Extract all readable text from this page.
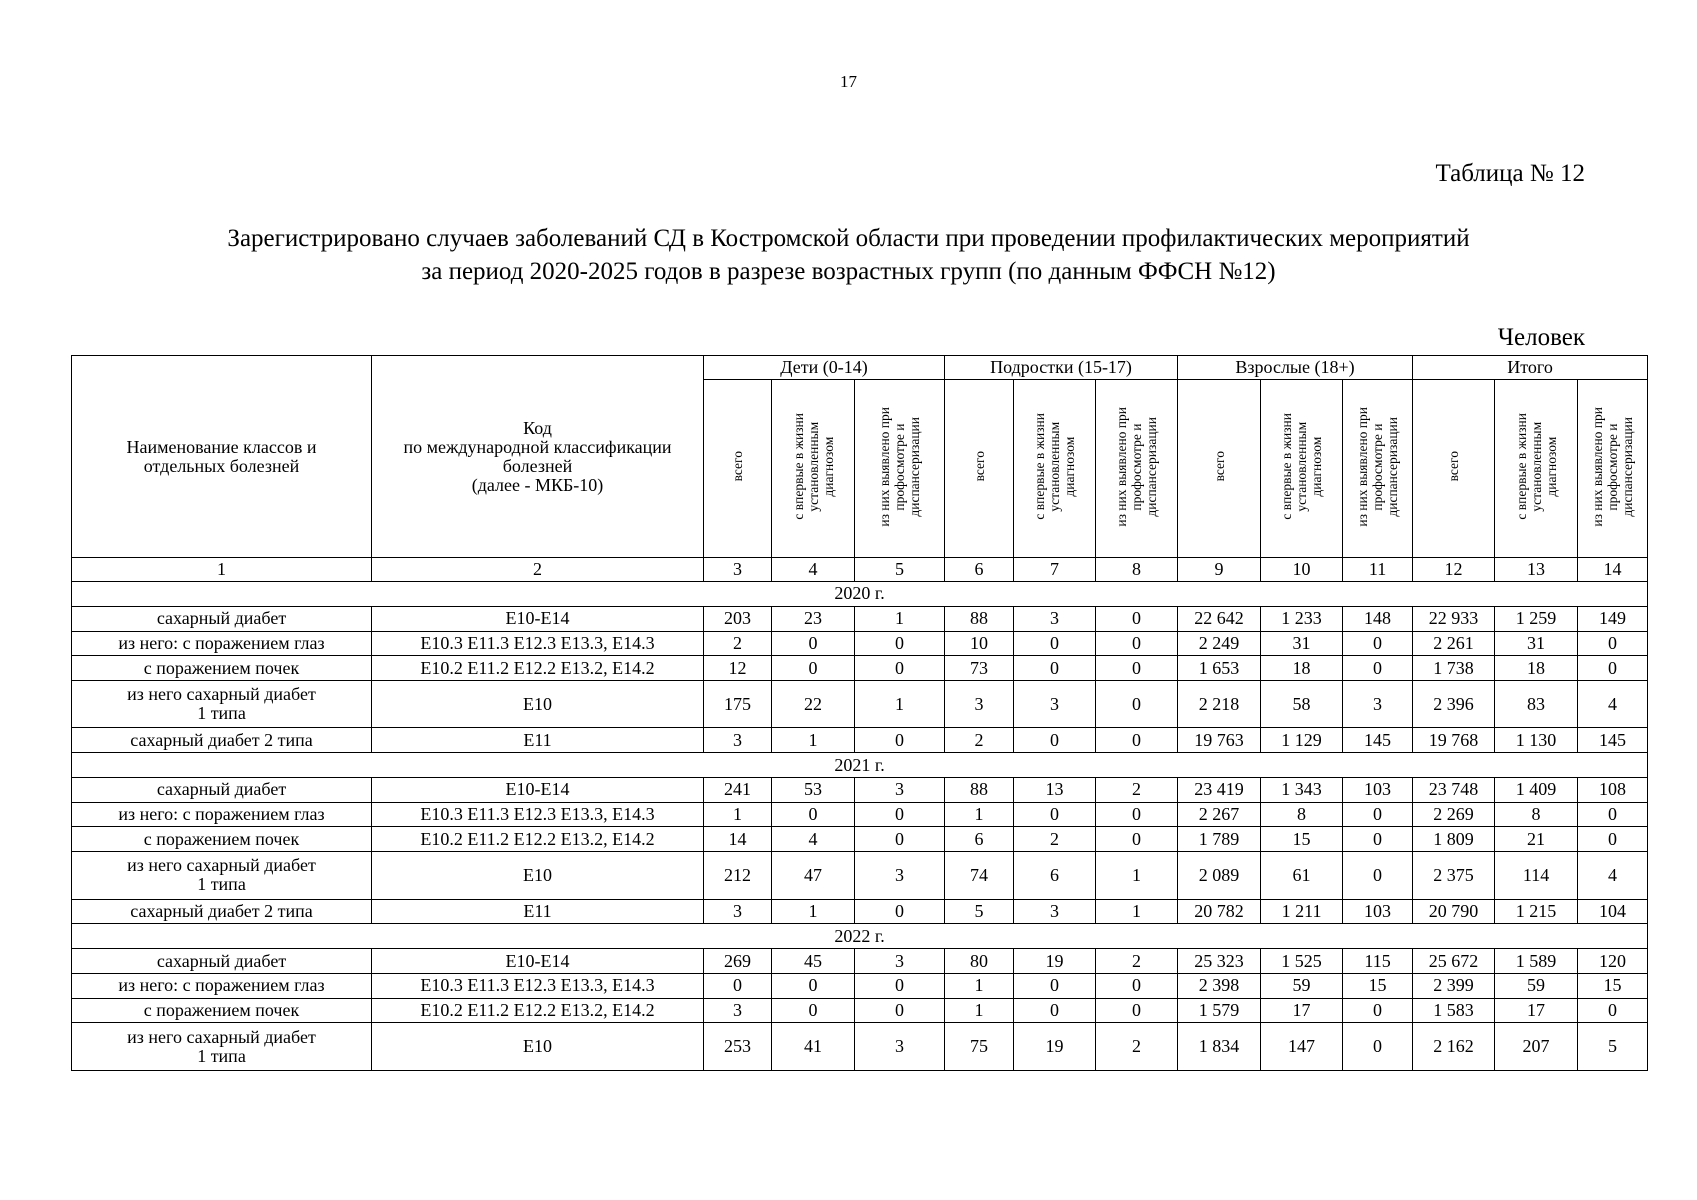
17
Таблица № 12
Зарегистрировано случаев заболеваний СД в Костромской области при проведении профилактических мероприятий
за период 2020-2025 годов в разрезе возрастных групп (по данным ФФСН №12)
Человек
Наименование классов и
отдельных болезней	Код
по международной классификации
болезней
(далее - МКБ-10)	Дети (0-14)			Подростки (15-17)			Взрослые (18+)			Итого		
		всего	с впервые в жизни
установленным
диагнозом	из них выявлено при
профосмотре и
диспансеризации	всего	с впервые в жизни
установленным
диагнозом	из них выявлено при
профосмотре и
диспансеризации	всего	с впервые в жизни
установленным
диагнозом	из них выявлено при
профосмотре и
диспансеризации	всего	с впервые в жизни
установленным
диагнозом	из них выявлено при
профосмотре и
диспансеризации
1	2	3	4	5	6	7	8	9	10	11	12	13	14
2020 г.													
сахарный диабет	E10-E14	203	23	1	88	3	0	22 642	1 233	148	22 933	1 259	149
из него: с поражением глаз	E10.3 E11.3 E12.3 E13.3, E14.3	2	0	0	10	0	0	2 249	31	0	2 261	31	0
с поражением почек	E10.2 E11.2 E12.2 E13.2, E14.2	12	0	0	73	0	0	1 653	18	0	1 738	18	0
из него сахарный диабет
1 типа	E10	175	22	1	3	3	0	2 218	58	3	2 396	83	4
сахарный диабет 2 типа	E11	3	1	0	2	0	0	19 763	1 129	145	19 768	1 130	145
2021 г.													
сахарный диабет	E10-E14	241	53	3	88	13	2	23 419	1 343	103	23 748	1 409	108
из него: с поражением глаз	E10.3 E11.3 E12.3 E13.3, E14.3	1	0	0	1	0	0	2 267	8	0	2 269	8	0
с поражением почек	E10.2 E11.2 E12.2 E13.2, E14.2	14	4	0	6	2	0	1 789	15	0	1 809	21	0
из него сахарный диабет
1 типа	E10	212	47	3	74	6	1	2 089	61	0	2 375	114	4
сахарный диабет 2 типа	E11	3	1	0	5	3	1	20 782	1 211	103	20 790	1 215	104
2022 г.													
сахарный диабет	E10-E14	269	45	3	80	19	2	25 323	1 525	115	25 672	1 589	120
из него: с поражением глаз	E10.3 E11.3 E12.3 E13.3, E14.3	0	0	0	1	0	0	2 398	59	15	2 399	59	15
с поражением почек	E10.2 E11.2 E12.2 E13.2, E14.2	3	0	0	1	0	0	1 579	17	0	1 583	17	0
из него сахарный диабет
1 типа	E10	253	41	3	75	19	2	1 834	147	0	2 162	207	5
